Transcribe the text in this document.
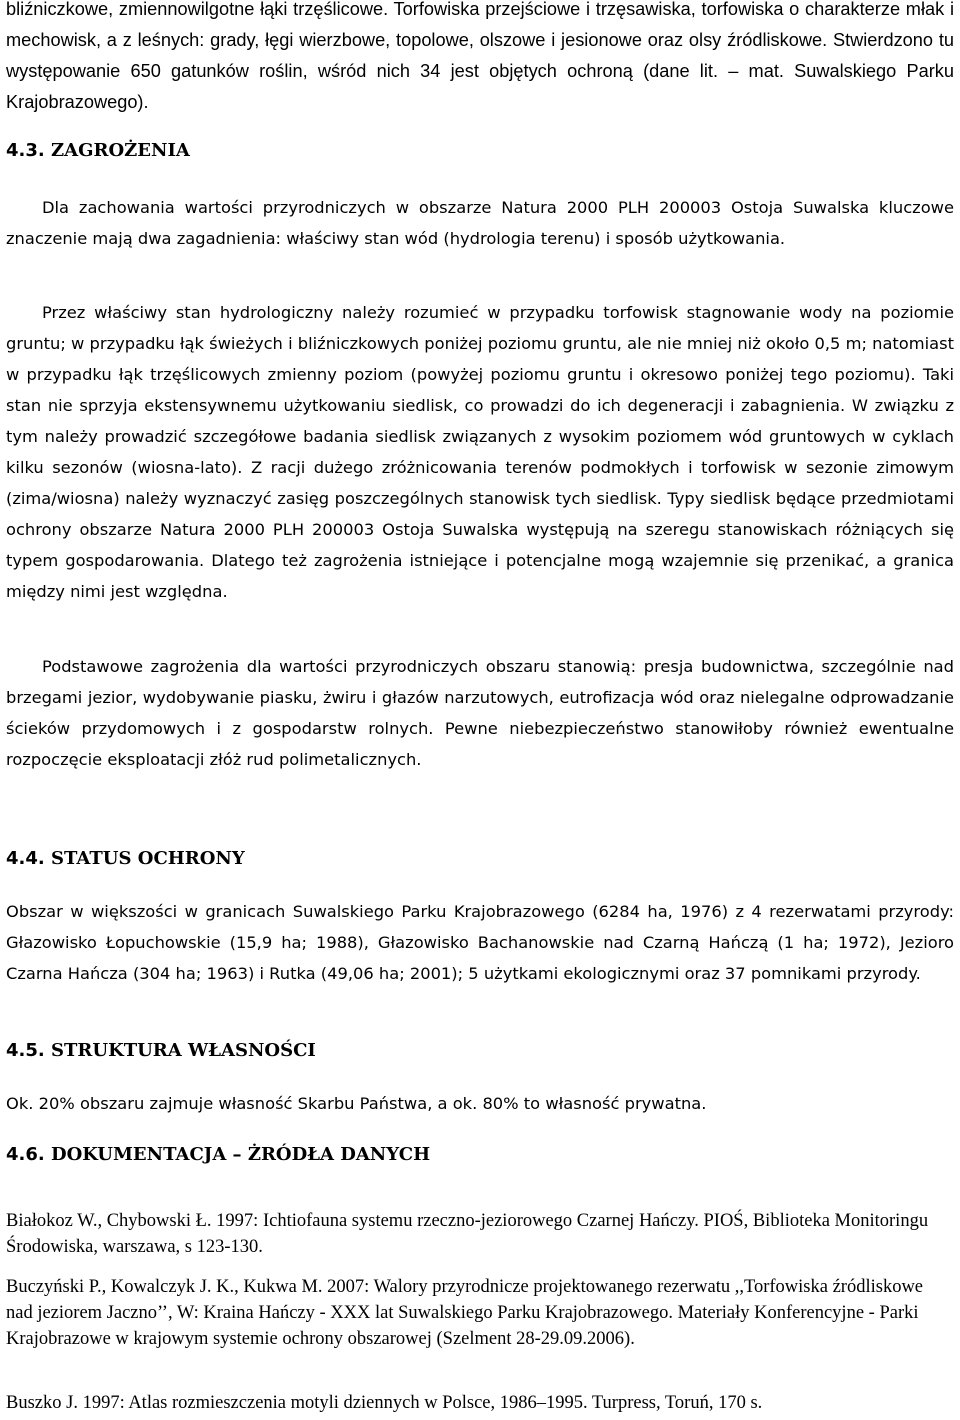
bliźniczkowe, zmiennowilgotne łąki trzęślicowe. Torfowiska przejściowe i trzęsawiska, torfowiska o charakterze młak i mechowisk, a z leśnych: grady, łęgi wierzbowe, topolowe, olszowe i jesionowe oraz olsy źródliskowe. Stwierdzono tu występowanie 650 gatunków roślin, wśród nich 34 jest objętych ochroną (dane lit. – mat. Suwalskiego Parku Krajobrazowego).

4.3. ZAGROŻENIA

Dla zachowania wartości przyrodniczych w obszarze Natura 2000 PLH 200003 Ostoja Suwalska kluczowe znaczenie mają dwa zagadnienia: właściwy stan wód (hydrologia terenu) i sposób użytkowania.

Przez właściwy stan hydrologiczny należy rozumieć w przypadku torfowisk stagnowanie wody na poziomie gruntu; w przypadku łąk świeżych i bliźniczkowych poniżej poziomu gruntu, ale nie mniej niż około 0,5 m; natomiast w przypadku łąk trzęślicowych zmienny poziom (powyżej poziomu gruntu i okresowo poniżej tego poziomu). Taki stan nie sprzyja ekstensywnemu użytkowaniu siedlisk, co prowadzi do ich degeneracji i zabagnienia. W związku z tym należy prowadzić szczegółowe badania siedlisk związanych z wysokim poziomem wód gruntowych w cyklach kilku sezonów (wiosna-lato). Z racji dużego zróżnicowania terenów podmokłych i torfowisk w sezonie zimowym (zima/wiosna) należy wyznaczyć zasięg poszczególnych stanowisk tych siedlisk. Typy siedlisk będące przedmiotami ochrony obszarze Natura 2000 PLH 200003 Ostoja Suwalska występują na szeregu stanowiskach różniących się typem gospodarowania. Dlatego też zagrożenia istniejące i potencjalne mogą wzajemnie się przenikać, a granica między nimi jest względna.

Podstawowe zagrożenia dla wartości przyrodniczych obszaru stanowią: presja budownictwa, szczególnie nad brzegami jezior, wydobywanie piasku, żwiru i głazów narzutowych, eutrofizacja wód oraz nielegalne odprowadzanie ścieków przydomowych i z gospodarstw rolnych. Pewne niebezpieczeństwo stanowiłoby również ewentualne rozpoczęcie eksploatacji złóż rud polimetalicznych.

4.4. STATUS OCHRONY

Obszar w większości w granicach Suwalskiego Parku Krajobrazowego (6284 ha, 1976) z 4 rezerwatami przyrody: Głazowisko Łopuchowskie (15,9 ha; 1988), Głazowisko Bachanowskie nad Czarną Hańczą (1 ha; 1972), Jezioro Czarna Hańcza (304 ha; 1963) i Rutka (49,06 ha; 2001); 5 użytkami ekologicznymi oraz 37 pomnikami przyrody.

4.5. STRUKTURA WŁASNOŚCI

Ok. 20% obszaru zajmuje własność Skarbu Państwa, a ok. 80% to własność prywatna.

4.6. DOKUMENTACJA – ŻRÓDŁA DANYCH

Białokoz W., Chybowski Ł. 1997: Ichtiofauna systemu rzeczno-jeziorowego Czarnej Hańczy. PIOŚ, Biblioteka Monitoringu Środowiska, warszawa, s 123-130.

Buczyński P., Kowalczyk J. K., Kukwa M. 2007: Walory przyrodnicze projektowanego rezerwatu ,,Torfowiska źródliskowe nad jeziorem Jaczno’’, W: Kraina Hańczy - XXX lat Suwalskiego Parku Krajobrazowego. Materiały Konferencyjne - Parki Krajobrazowe w krajowym systemie ochrony obszarowej (Szelment 28-29.09.2006).

Buszko J. 1997: Atlas rozmieszczenia motyli dziennych w Polsce, 1986–1995. Turpress, Toruń, 170 s.
